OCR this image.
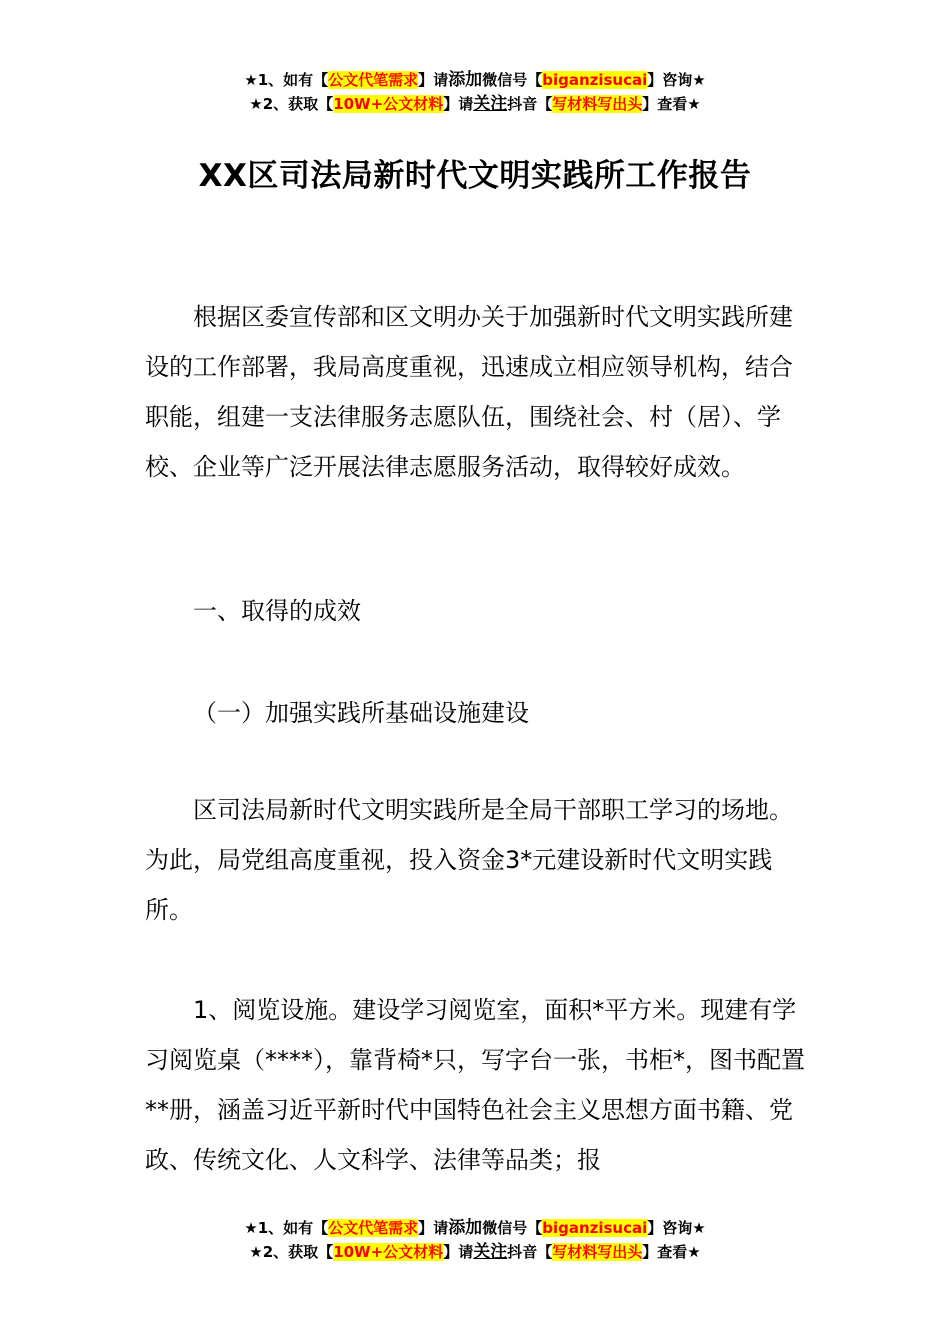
★1、如有【公文代笔需求】请添加微信号【biganzisucai】咨询★
★2、获取【10W+公文材料】请关注抖音【写材料写出头】查看★
XX区司法局新时代文明实践所工作报告

根据区委宣传部和区文明办关于加强新时代文明实践所建设的工作部署，我局高度重视，迅速成立相应领导机构，结合职能，组建一支法律服务志愿队伍，围绕社会、村（居）、学校、企业等广泛开展法律志愿服务活动，取得较好成效。

一、取得的成效

（一）加强实践所基础设施建设

区司法局新时代文明实践所是全局干部职工学习的场地。为此，局党组高度重视，投入资金3*元建设新时代文明实践所。

1、阅览设施。建设学习阅览室，面积*平方米。现建有学习阅览桌（****），靠背椅*只，写字台一张，书柜*，图书配置**册，涵盖习近平新时代中国特色社会主义思想方面书籍、党政、传统文化、人文科学、法律等品类；报

★1、如有【公文代笔需求】请添加微信号【biganzisucai】咨询★
★2、获取【10W+公文材料】请关注抖音【写材料写出头】查看★
